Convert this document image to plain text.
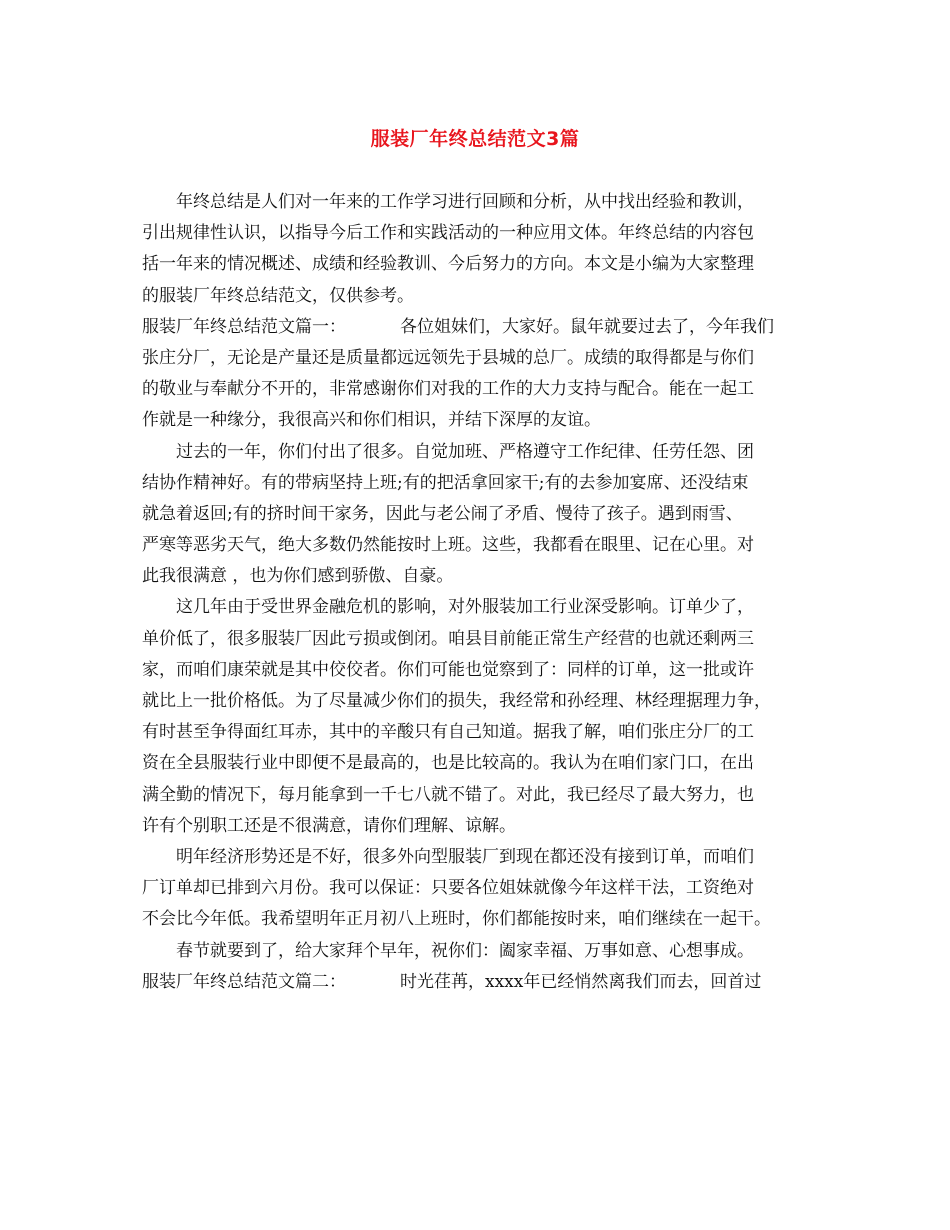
服装厂年终总结范文3篇
年终总结是人们对一年来的工作学习进行回顾和分析，从中找出经验和教训，
引出规律性认识，以指导今后工作和实践活动的一种应用文体。年终总结的内容包
括一年来的情况概述、成绩和经验教训、今后努力的方向。本文是小编为大家整理
的服装厂年终总结范文，仅供参考。
服装厂年终总结范文篇一：	各位姐妹们，大家好。鼠年就要过去了，今年我们
张庄分厂，无论是产量还是质量都远远领先于县城的总厂。成绩的取得都是与你们
的敬业与奉献分不开的，非常感谢你们对我的工作的大力支持与配合。能在一起工
作就是一种缘分，我很高兴和你们相识，并结下深厚的友谊。
过去的一年，你们付出了很多。自觉加班、严格遵守工作纪律、任劳任怨、团
结协作精神好。有的带病坚持上班;有的把活拿回家干;有的去参加宴席、还没结束
就急着返回;有的挤时间干家务，因此与老公闹了矛盾、慢待了孩子。遇到雨雪、
严寒等恶劣天气，绝大多数仍然能按时上班。这些，我都看在眼里、记在心里。对
此我很满意 ，也为你们感到骄傲、自豪。
这几年由于受世界金融危机的影响，对外服装加工行业深受影响。订单少了，
单价低了，很多服装厂因此亏损或倒闭。咱县目前能正常生产经营的也就还剩两三
家，而咱们康荣就是其中佼佼者。你们可能也觉察到了：同样的订单，这一批或许
就比上一批价格低。为了尽量减少你们的损失，我经常和孙经理、林经理据理力争，
有时甚至争得面红耳赤，其中的辛酸只有自己知道。据我了解，咱们张庄分厂的工
资在全县服装行业中即便不是最高的，也是比较高的。我认为在咱们家门口，在出
满全勤的情况下，每月能拿到一千七八就不错了。对此，我已经尽了最大努力，也
许有个别职工还是不很满意，请你们理解、谅解。
明年经济形势还是不好，很多外向型服装厂到现在都还没有接到订单，而咱们
厂订单却已排到六月份。我可以保证：只要各位姐妹就像今年这样干法，工资绝对
不会比今年低。我希望明年正月初八上班时，你们都能按时来，咱们继续在一起干。
春节就要到了，给大家拜个早年，祝你们：阖家幸福、万事如意、心想事成。
服装厂年终总结范文篇二：	时光荏苒，xxxx年已经悄然离我们而去，回首过
